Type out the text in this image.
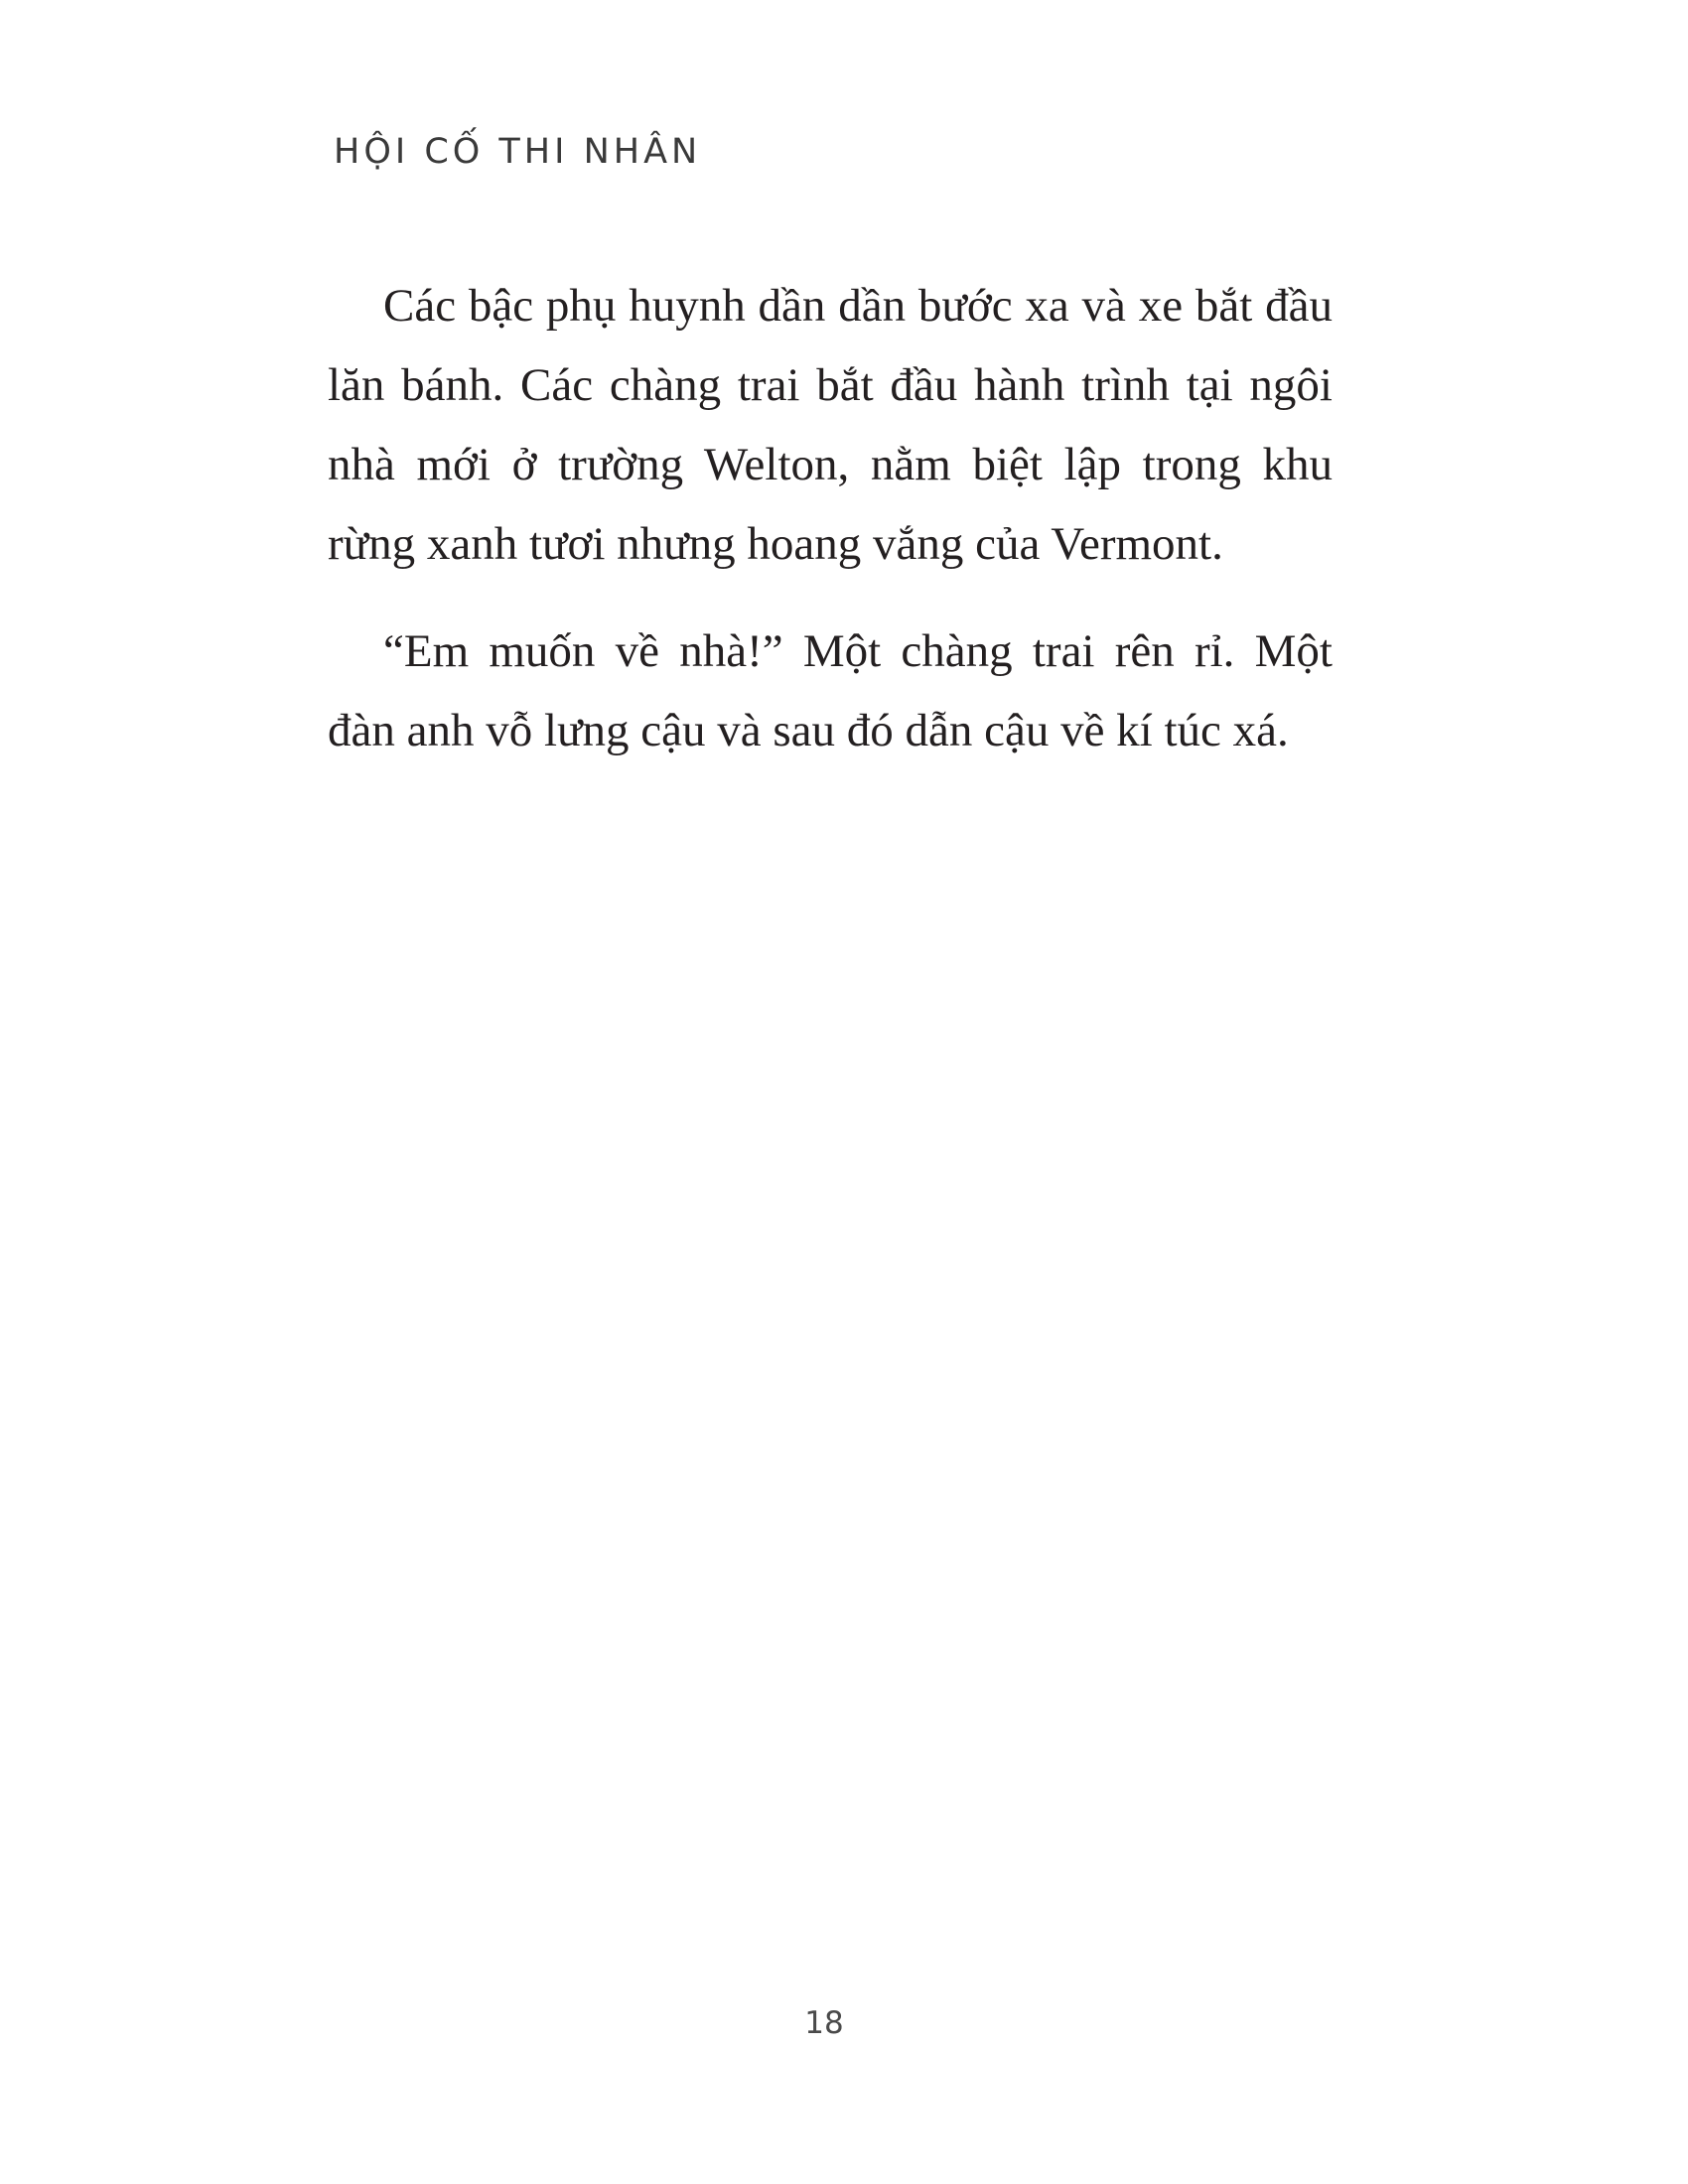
HỘI CỐ THI NHÂN

Các bậc phụ huynh dần dần bước xa và xe bắt đầu lăn bánh. Các chàng trai bắt đầu hành trình tại ngôi nhà mới ở trường Welton, nằm biệt lập trong khu rừng xanh tươi nhưng hoang vắng của Vermont.

“Em muốn về nhà!” Một chàng trai rên rỉ. Một đàn anh vỗ lưng cậu và sau đó dẫn cậu về kí túc xá.

18
